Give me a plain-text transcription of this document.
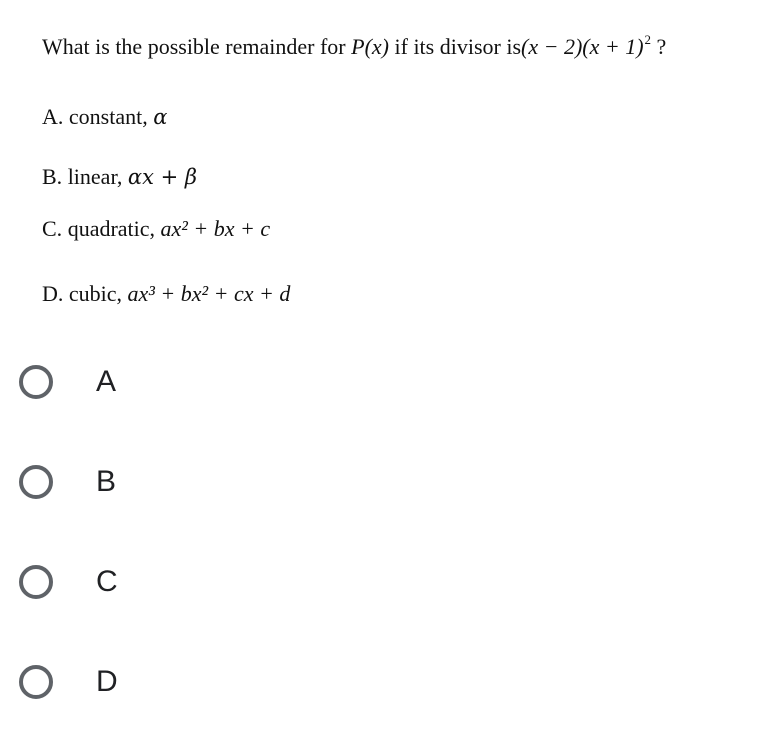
What is the possible remainder for P(x) if its divisor $is(x - 2)(x + 1)^2$ ?
A. constant, α
B. linear, αx + β
C. quadratic, ax² + bx + c
D. cubic, ax³ + bx² + cx + d
A
B
C
D
